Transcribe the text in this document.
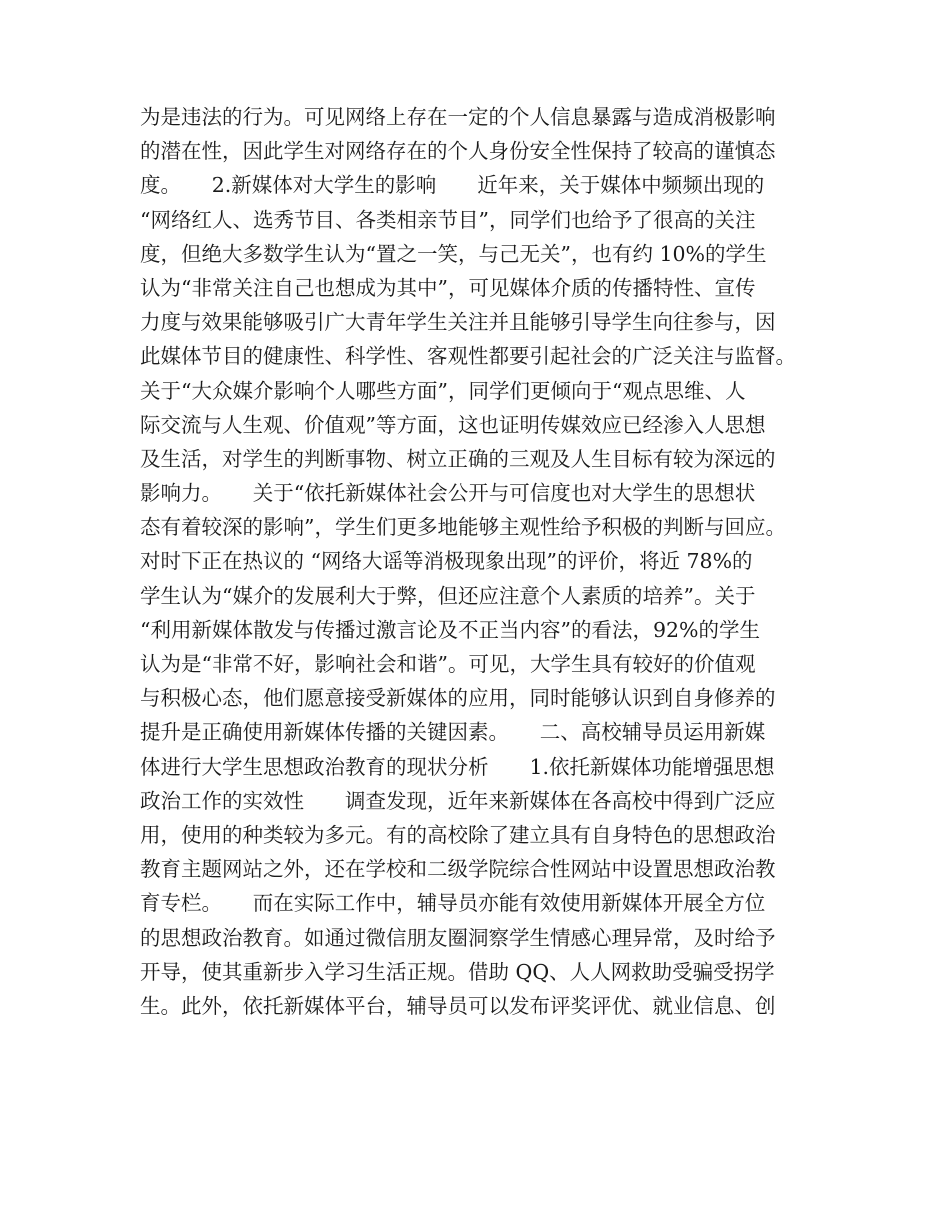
为是违法的行为。可见网络上存在一定的个人信息暴露与造成消极影响
的潜在性，因此学生对网络存在的个人身份安全性保持了较高的谨慎态
度。　　2.新媒体对大学生的影响　　近年来，关于媒体中频频出现的
“网络红人、选秀节目、各类相亲节目”，同学们也给予了很高的关注
度，但绝大多数学生认为“置之一笑，与己无关”，也有约 10%的学生
认为“非常关注自己也想成为其中”，可见媒体介质的传播特性、宣传
力度与效果能够吸引广大青年学生关注并且能够引导学生向往参与，因
此媒体节目的健康性、科学性、客观性都要引起社会的广泛关注与监督。
关于“大众媒介影响个人哪些方面”，同学们更倾向于“观点思维、人
际交流与人生观、价值观”等方面，这也证明传媒效应已经渗入人思想
及生活，对学生的判断事物、树立正确的三观及人生目标有较为深远的
影响力。　　关于“依托新媒体社会公开与可信度也对大学生的思想状
态有着较深的影响”，学生们更多地能够主观性给予积极的判断与回应。
对时下正在热议的 “网络大谣等消极现象出现”的评价，将近 78%的
学生认为“媒介的发展利大于弊，但还应注意个人素质的培养”。关于
“利用新媒体散发与传播过激言论及不正当内容”的看法，92%的学生
认为是“非常不好，影响社会和谐”。可见，大学生具有较好的价值观
与积极心态，他们愿意接受新媒体的应用，同时能够认识到自身修养的
提升是正确使用新媒体传播的关键因素。　　二、高校辅导员运用新媒
体进行大学生思想政治教育的现状分析　　1.依托新媒体功能增强思想
政治工作的实效性　　调查发现，近年来新媒体在各高校中得到广泛应
用，使用的种类较为多元。有的高校除了建立具有自身特色的思想政治
教育主题网站之外，还在学校和二级学院综合性网站中设置思想政治教
育专栏。　　而在实际工作中，辅导员亦能有效使用新媒体开展全方位
的思想政治教育。如通过微信朋友圈洞察学生情感心理异常，及时给予
开导，使其重新步入学习生活正规。借助 QQ、人人网救助受骗受拐学
生。此外，依托新媒体平台，辅导员可以发布评奖评优、就业信息、创
